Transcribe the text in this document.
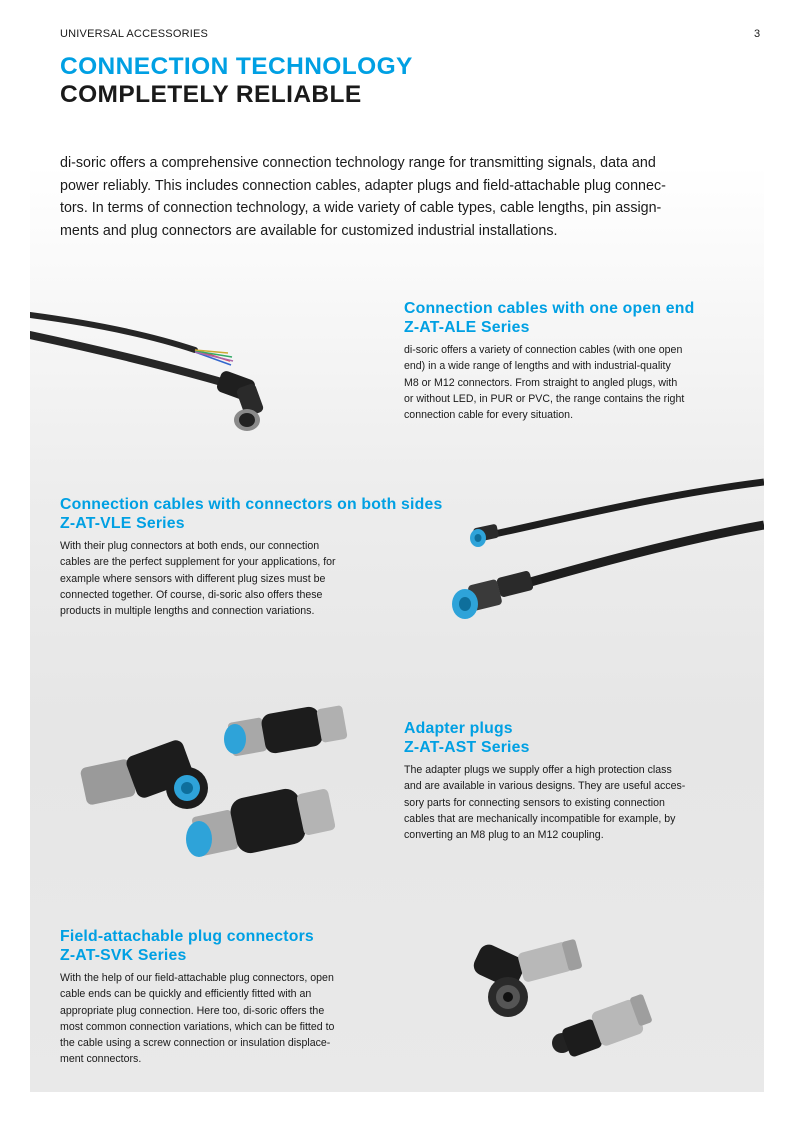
UNIVERSAL ACCESSORIES	3
CONNECTION TECHNOLOGY
COMPLETELY RELIABLE
di-soric offers a comprehensive connection technology range for transmitting signals, data and
power reliably. This includes connection cables, adapter plugs and field-attachable plug connec-
tors. In terms of connection technology, a wide variety of cable types, cable lengths, pin assign-
ments and plug connectors are available for customized industrial installations.
Connection cables with one open end
Z-AT-ALE Series
di-soric offers a variety of connection cables (with one open
end) in a wide range of lengths and with industrial-quality
M8 or M12 connectors. From straight to angled plugs, with
or without LED, in PUR or PVC, the range contains the right
connection cable for every situation.
Connection cables with connectors on both sides
Z-AT-VLE Series
With their plug connectors at both ends, our connection
cables are the perfect supplement for your applications, for
example where sensors with different plug sizes must be
connected together. Of course, di-soric also offers these
products in multiple lengths and connection variations.
Adapter plugs
Z-AT-AST Series
The adapter plugs we supply offer a high protection class
and are available in various designs. They are useful acces-
sory parts for connecting sensors to existing connection
cables that are mechanically incompatible for example, by
converting an M8 plug to an M12 coupling.
Field-attachable plug connectors
Z-AT-SVK Series
With the help of our field-attachable plug connectors, open
cable ends can be quickly and efficiently fitted with an
appropriate plug connection. Here too, di-soric offers the
most common connection variations, which can be fitted to
the cable using a screw connection or insulation displace-
ment connectors.
